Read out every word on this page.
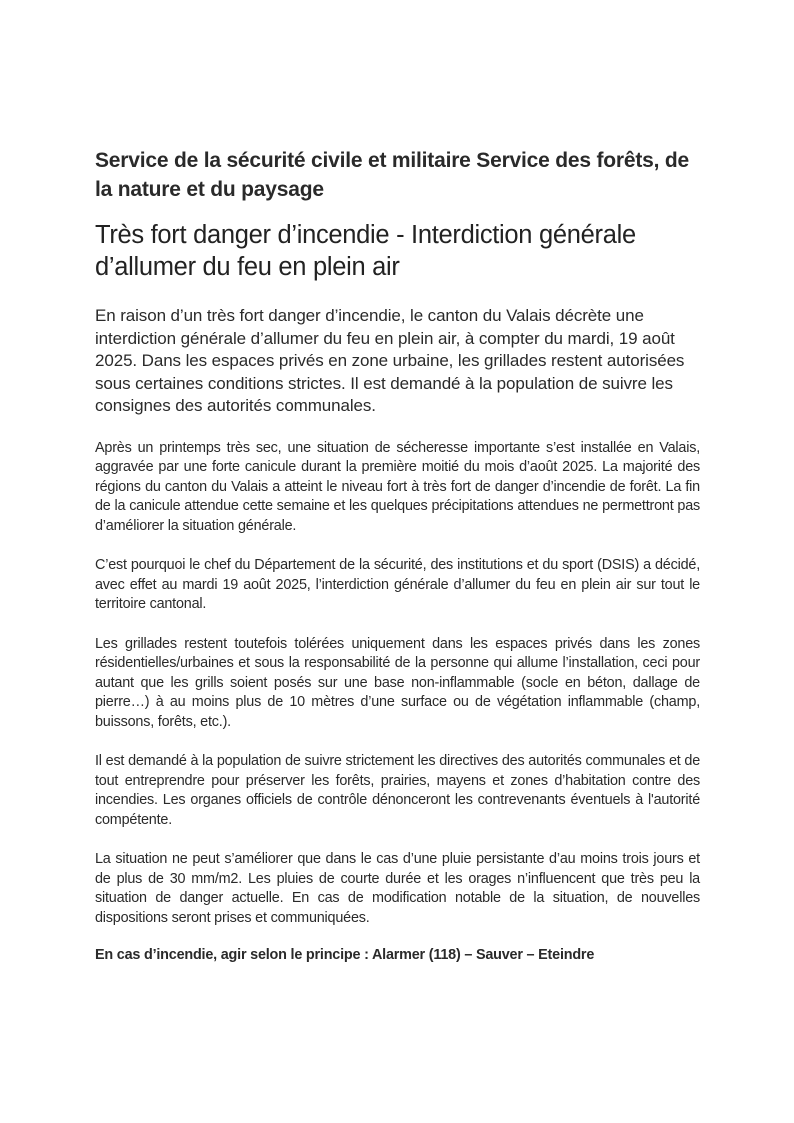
Service de la sécurité civile et militaire Service des forêts, de la nature et du paysage
Très fort danger d’incendie - Interdiction générale d’allumer du feu en plein air

En raison d’un très fort danger d’incendie, le canton du Valais décrète une interdiction générale d’allumer du feu en plein air, à compter du mardi, 19 août 2025. Dans les espaces privés en zone urbaine, les grillades restent autorisées sous certaines conditions strictes. Il est demandé à la population de suivre les consignes des autorités communales.

Après un printemps très sec, une situation de sécheresse importante s’est installée en Valais, aggravée par une forte canicule durant la première moitié du mois d’août 2025. La majorité des régions du canton du Valais a atteint le niveau fort à très fort de danger d’incendie de forêt. La fin de la canicule attendue cette semaine et les quelques précipitations attendues ne permettront pas d’améliorer la situation générale.

C’est pourquoi le chef du Département de la sécurité, des institutions et du sport (DSIS) a décidé, avec effet au mardi 19 août 2025, l’interdiction générale d’allumer du feu en plein air sur tout le territoire cantonal.

Les grillades restent toutefois tolérées uniquement dans les espaces privés dans les zones résidentielles/urbaines et sous la responsabilité de la personne qui allume l’installation, ceci pour autant que les grills soient posés sur une base non-inflammable (socle en béton, dallage de pierre…) à au moins plus de 10 mètres d’une surface ou de végétation inflammable (champ, buissons, forêts, etc.).

Il est demandé à la population de suivre strictement les directives des autorités communales et de tout entreprendre pour préserver les forêts, prairies, mayens et zones d’habitation contre des incendies. Les organes officiels de contrôle dénonceront les contrevenants éventuels à l'autorité compétente.

La situation ne peut s’améliorer que dans le cas d’une pluie persistante d’au moins trois jours et de plus de 30 mm/m2. Les pluies de courte durée et les orages n’influencent que très peu la situation de danger actuelle. En cas de modification notable de la situation, de nouvelles dispositions seront prises et communiquées.

En cas d’incendie, agir selon le principe : Alarmer (118) – Sauver – Eteindre
